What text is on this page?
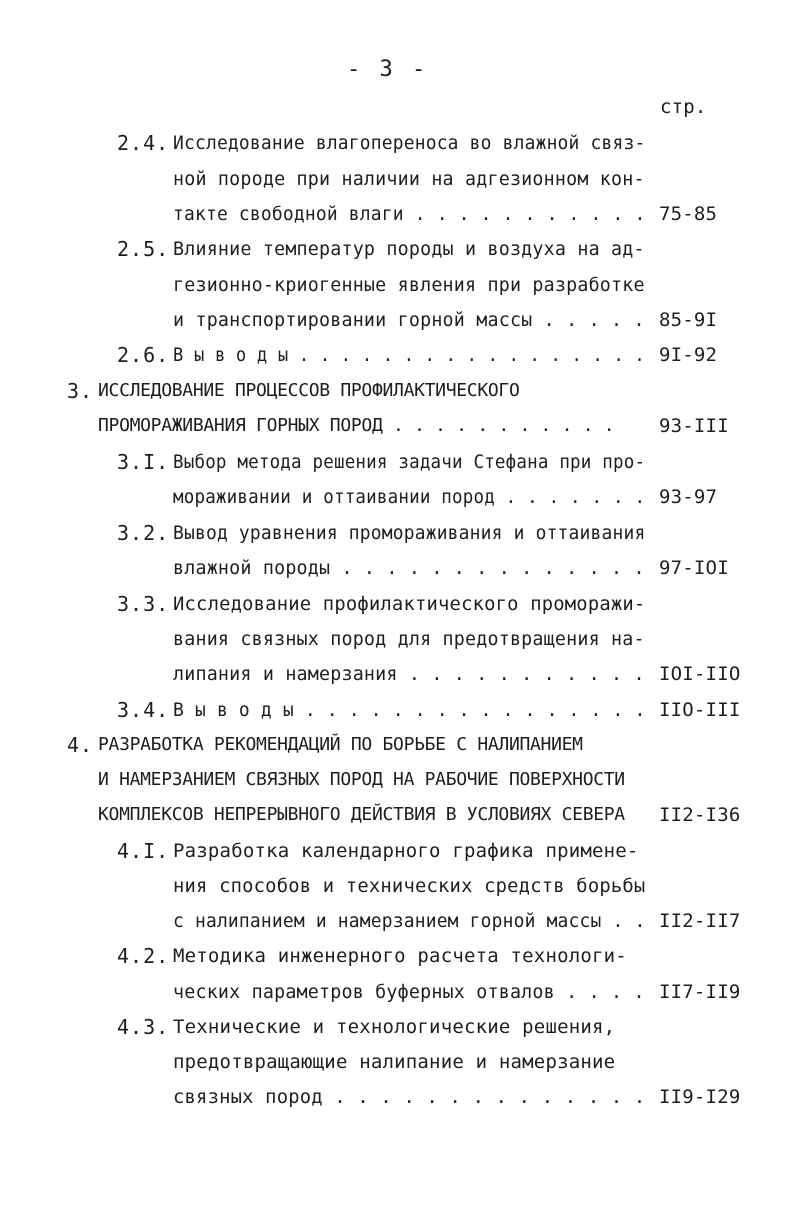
- 3 -
стр.
2.4. Исследование влагопереноса во влажной связ-
ной породе при наличии на адгезионном кон-
такте свободной влаги . . . . . . . . . . . 75-85
2.5. Влияние температур породы и воздуха на ад-
гезионно-криогенные явления при разработке
и транспортировании горной массы . . . . . 85-9I
2.6. В ы в о д ы . . . . . . . . . . . . . . . . . 9I-92
3. ИССЛЕДОВАНИЕ ПРОЦЕССОВ ПРОФИЛАКТИЧЕСКОГО
ПРОМОРАЖИВАНИЯ ГОРНЫХ ПОРОД . . . . . . . . . . . 93-III
3.I. Выбор метода решения задачи Стефана при про-
мораживании и оттаивании пород . . . . . . . 93-97
3.2. Вывод уравнения промораживания и оттаивания
влажной породы . . . . . . . . . . . . . . 97-IOI
3.3. Исследование профилактического проморажи-
вания связных пород для предотвращения на-
липания и намерзания . . . . . . . . . . . IOI-IIO
3.4. В ы в о д ы . . . . . . . . . . . . . . . . IIO-III
4. РАЗРАБОТКА РЕКОМЕНДАЦИЙ ПО БОРЬБЕ С НАЛИПАНИЕМ
И НАМЕРЗАНИЕМ СВЯЗНЫХ ПОРОД НА РАБОЧИЕ ПОВЕРХНОСТИ
КОМПЛЕКСОВ НЕПРЕРЫВНОГО ДЕЙСТВИЯ В УСЛОВИЯХ СЕВЕРА II2-I36
4.I. Разработка календарного графика примене-
ния способов и технических средств борьбы
с налипанием и намерзанием горной массы . . II2-II7
4.2. Методика инженерного расчета технологи-
ческих параметров буферных отвалов . . . . II7-II9
4.3. Технические и технологические решения,
предотвращающие налипание и намерзание
связных пород . . . . . . . . . . . . . . II9-I29
